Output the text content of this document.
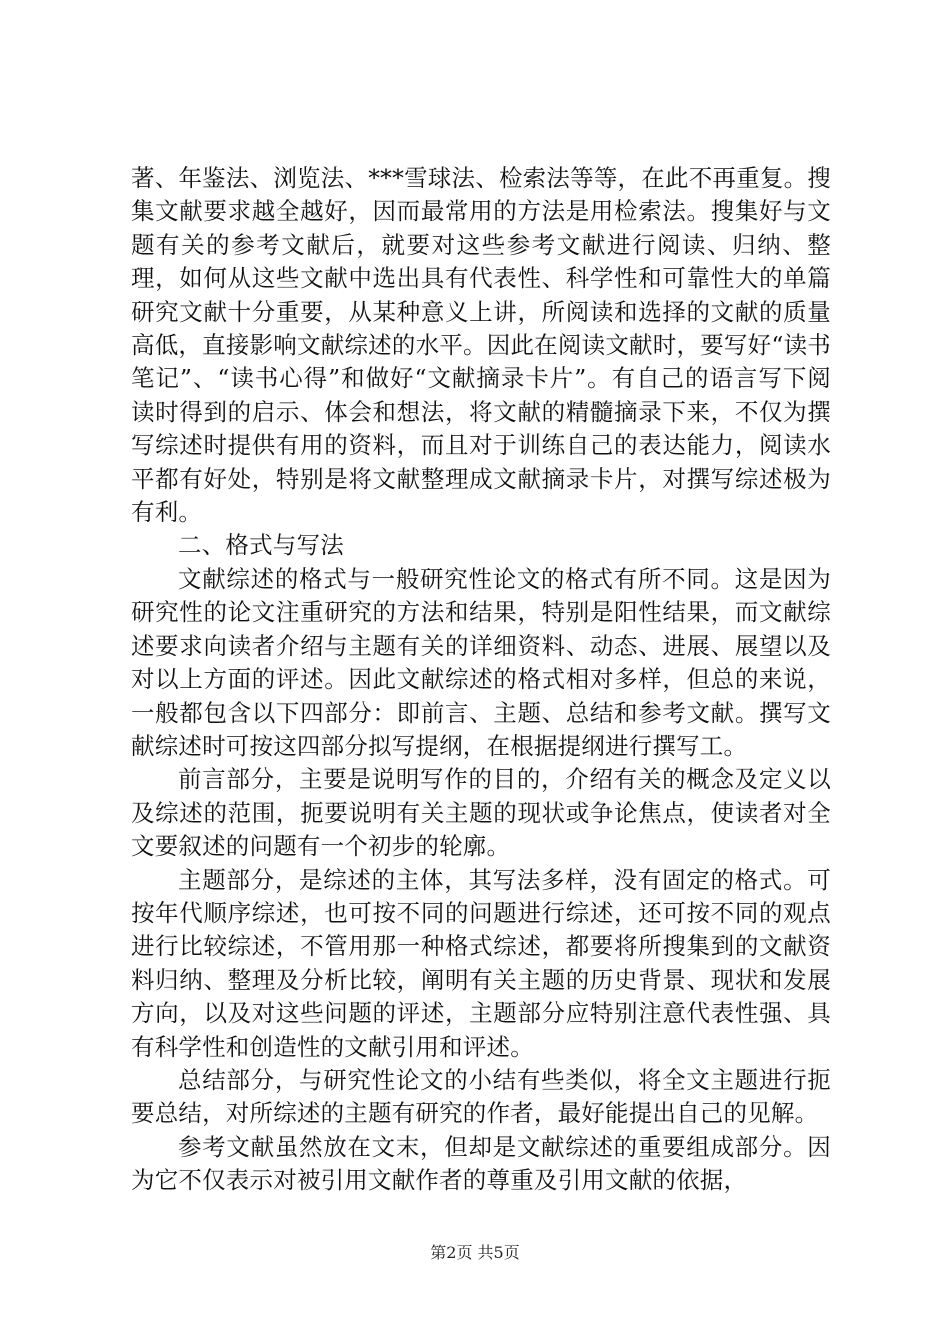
著、年鉴法、浏览法、***雪球法、检索法等等，在此不再重复。搜集文献要求越全越好，因而最常用的方法是用检索法。搜集好与文题有关的参考文献后，就要对这些参考文献进行阅读、归纳、整理，如何从这些文献中选出具有代表性、科学性和可靠性大的单篇研究文献十分重要，从某种意义上讲，所阅读和选择的文献的质量高低，直接影响文献综述的水平。因此在阅读文献时，要写好“读书笔记”、“读书心得”和做好“文献摘录卡片”。有自己的语言写下阅读时得到的启示、体会和想法，将文献的精髓摘录下来，不仅为撰写综述时提供有用的资料，而且对于训练自己的表达能力，阅读水平都有好处，特别是将文献整理成文献摘录卡片，对撰写综述极为有利。

二、格式与写法

文献综述的格式与一般研究性论文的格式有所不同。这是因为研究性的论文注重研究的方法和结果，特别是阳性结果，而文献综述要求向读者介绍与主题有关的详细资料、动态、进展、展望以及对以上方面的评述。因此文献综述的格式相对多样，但总的来说，一般都包含以下四部分：即前言、主题、总结和参考文献。撰写文献综述时可按这四部分拟写提纲，在根据提纲进行撰写工。

前言部分，主要是说明写作的目的，介绍有关的概念及定义以及综述的范围，扼要说明有关主题的现状或争论焦点，使读者对全文要叙述的问题有一个初步的轮廓。

主题部分，是综述的主体，其写法多样，没有固定的格式。可按年代顺序综述，也可按不同的问题进行综述，还可按不同的观点进行比较综述，不管用那一种格式综述，都要将所搜集到的文献资料归纳、整理及分析比较，阐明有关主题的历史背景、现状和发展方向，以及对这些问题的评述，主题部分应特别注意代表性强、具有科学性和创造性的文献引用和评述。

总结部分，与研究性论文的小结有些类似，将全文主题进行扼要总结，对所综述的主题有研究的作者，最好能提出自己的见解。

参考文献虽然放在文末，但却是文献综述的重要组成部分。因为它不仅表示对被引用文献作者的尊重及引用文献的依据，

第2页 共5页
